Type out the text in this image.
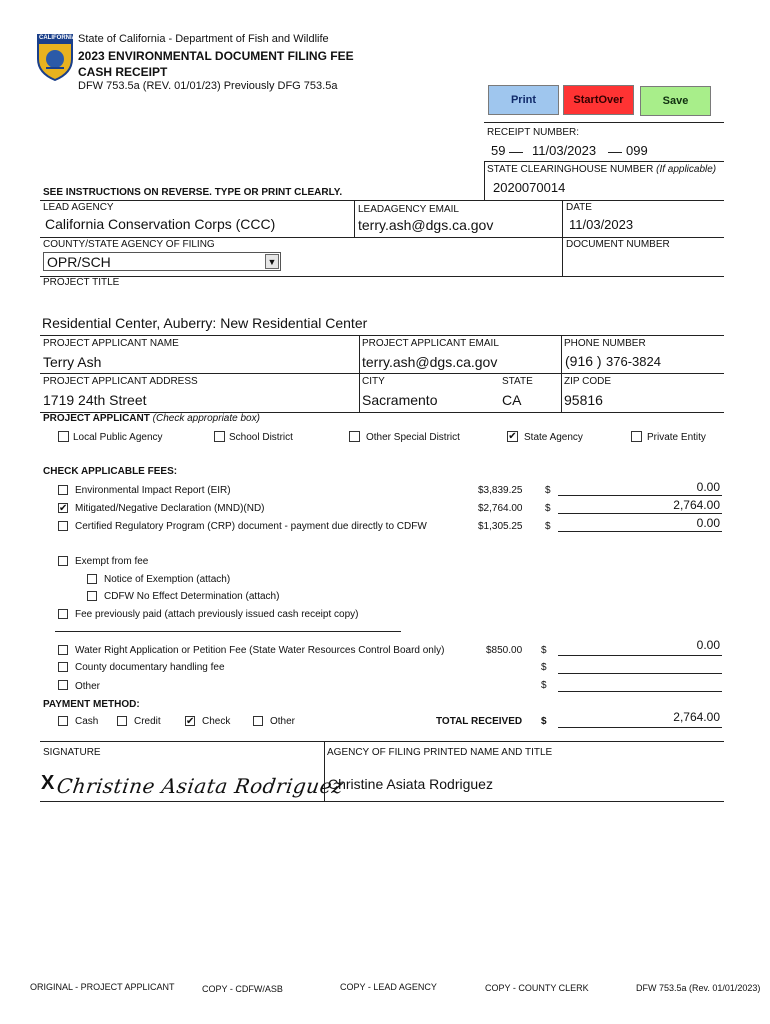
CALIFORNIA State of California - Department of Fish and Wildlife
2023 ENVIRONMENTAL DOCUMENT FILING FEE
CASH RECEIPT
DFW 753.5a (REV. 01/01/23) Previously DFG 753.5a
Print	StartOver	Save
RECEIPT NUMBER:
59 11/03/2023 099
STATE CLEARINGHOUSE NUMBER (If applicable)
2020070014
SEE INSTRUCTIONS ON REVERSE. TYPE OR PRINT CLEARLY.
LEAD AGENCY
California Conservation Corps (CCC)
LEADAGENCY EMAIL
terry.ash@dgs.ca.gov
DATE
11/03/2023
COUNTY/STATE AGENCY OF FILING
OPR/SCH	▼
DOCUMENT NUMBER
PROJECT TITLE
Residential Center, Auberry: New Residential Center
PROJECT APPLICANT NAME
Terry Ash
PROJECT APPLICANT EMAIL
terry.ash@dgs.ca.gov
PHONE NUMBER
(916 ) 376-3824
PROJECT APPLICANT ADDRESS
1719 24th Street
CITY
Sacramento
STATE
CA
ZIP CODE
95816
PROJECT APPLICANT (Check appropriate box)
Local Public Agency	School District	Other Special District	✔ State Agency	Private Entity
CHECK APPLICABLE FEES:
Environmental Impact Report (EIR)	$3,839.25 $	0.00
✔ Mitigated/Negative Declaration (MND)(ND)	$2,764.00 $	2,764.00
Certified Regulatory Program (CRP) document - payment due directly to CDFW	$1,305.25 $	0.00
Exempt from fee
Notice of Exemption (attach)
CDFW No Effect Determination (attach)
Fee previously paid (attach previously issued cash receipt copy)
Water Right Application or Petition Fee (State Water Resources Control Board only)	$850.00 $	0.00
County documentary handling fee	$
Other	$
PAYMENT METHOD:
Cash	Credit	✔ Check	Other	TOTAL RECEIVED $	2,764.00
SIGNATURE	AGENCY OF FILING PRINTED NAME AND TITLE
X Christine Asiata Rodriguez
Christine Asiata Rodriguez
ORIGINAL - PROJECT APPLICANT	COPY - CDFW/ASB	COPY - LEAD AGENCY	COPY - COUNTY CLERK	DFW 753.5a (Rev. 01/01/2023)
